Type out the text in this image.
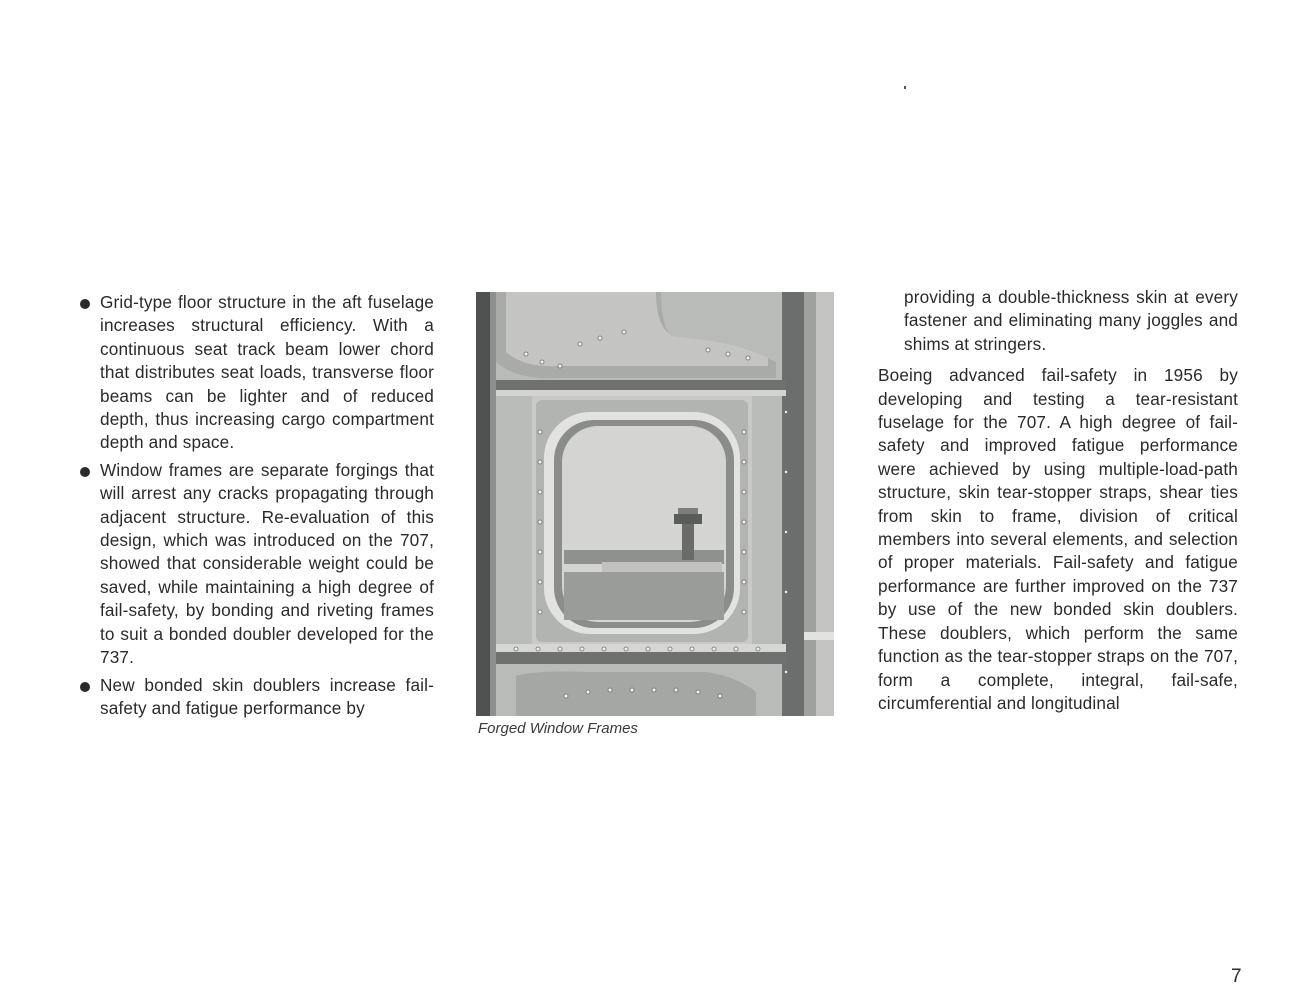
Grid-type floor structure in the aft fuselage increases structural efficiency. With a continuous seat track beam lower chord that distributes seat loads, transverse floor beams can be lighter and of reduced depth, thus increasing cargo compartment depth and space.
Window frames are separate forgings that will arrest any cracks propagating through adjacent structure. Re-evaluation of this design, which was introduced on the 707, showed that considerable weight could be saved, while maintaining a high degree of fail-safety, by bonding and riveting frames to suit a bonded doubler developed for the 737.
New bonded skin doublers increase fail-safety and fatigue performance by
Forged Window Frames

providing a double-thickness skin at every fastener and eliminating many joggles and shims at stringers.

Boeing advanced fail-safety in 1956 by developing and testing a tear-resistant fuselage for the 707. A high degree of fail-safety and improved fatigue performance were achieved by using multiple-load-path structure, skin tear-stopper straps, shear ties from skin to frame, division of critical members into several elements, and selection of proper materials. Fail-safety and fatigue performance are further improved on the 737 by use of the new bonded skin doublers. These doublers, which perform the same function as the tear-stopper straps on the 707, form a complete, integral, fail-safe, circumferential and longitudinal

7
